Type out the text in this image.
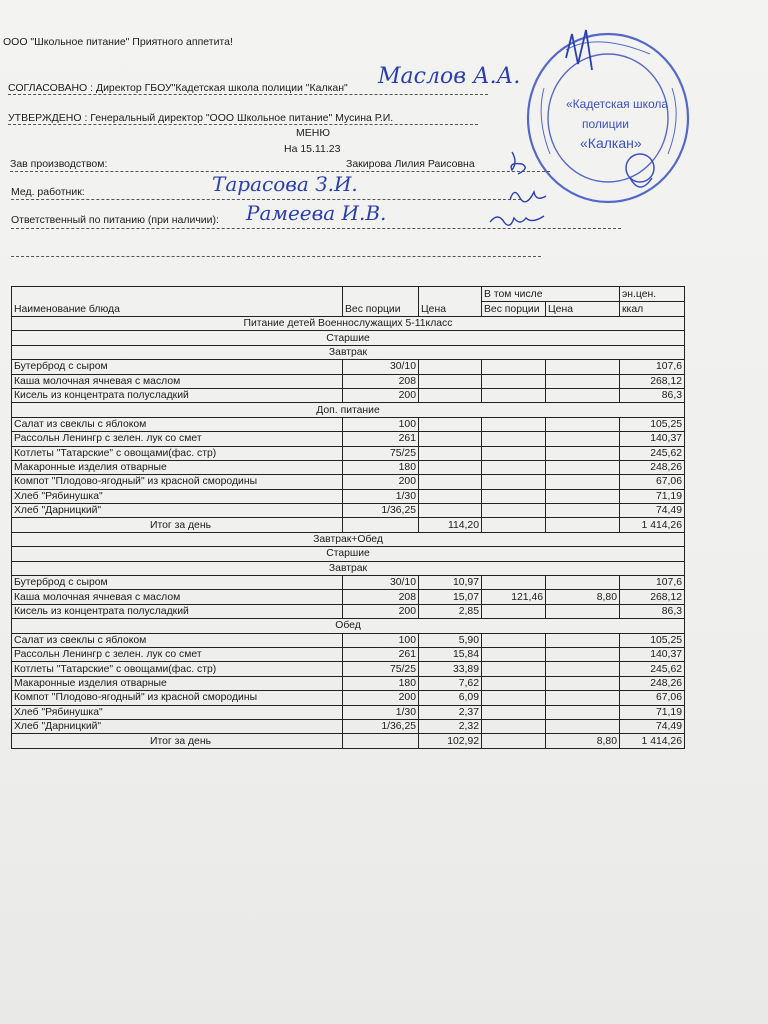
ООО "Школьное питание" Приятного аппетита!
СОГЛАСОВАНО : Директор ГБОУ"Кадетская школа полиции "Калкан" Маслов А.А.
УТВЕРЖДЕНО : Генеральный директор "ООО Школьное питание" Мусина Р.И.
МЕНЮ
На 15.11.23
Зав производством:	Закирова Лилия Раисовна
Мед. работник:	Тарасова З.И.
Ответственный по питанию (при наличии): Рамеева И.В.
«Кадетская школа
полиции
«Калкан»
Наименование блюда	Вес порции	Цена	В том числе		эн.цен.
			Вес порции	Цена	ккал
Питание детей Военнослужащих 5-11класс					
Старшие					
Завтрак					
Бутерброд с сыром	30/10				107,6
Каша молочная ячневая с маслом	208				268,12
Кисель из концентрата полусладкий	200				86,3
Доп. питание					
Салат из свеклы с яблоком	100				105,25
Рассольн Ленингр с зелен. лук со смет	261				140,37
Котлеты "Татарские" с овощами(фас. стр)	75/25				245,62
Макаронные изделия отварные	180				248,26
Компот "Плодово-ягодный" из красной смородины	200				67,06
Хлеб "Рябинушка"	1/30				71,19
Хлеб "Дарницкий"	1/36,25				74,49
Итог за день		114,20			1 414,26
Завтрак+Обед					
Старшие					
Завтрак					
Бутерброд с сыром	30/10	10,97			107,6
Каша молочная ячневая с маслом	208	15,07	121,46	8,80	268,12
Кисель из концентрата полусладкий	200	2,85			86,3
Обед					
Салат из свеклы с яблоком	100	5,90			105,25
Рассольн Ленингр с зелен. лук со смет	261	15,84			140,37
Котлеты "Татарские" с овощами(фас. стр)	75/25	33,89			245,62
Макаронные изделия отварные	180	7,62			248,26
Компот "Плодово-ягодный" из красной смородины	200	6,09			67,06
Хлеб "Рябинушка"	1/30	2,37			71,19
Хлеб "Дарницкий"	1/36,25	2,32			74,49
Итог за день		102,92		8,80	1 414,26
